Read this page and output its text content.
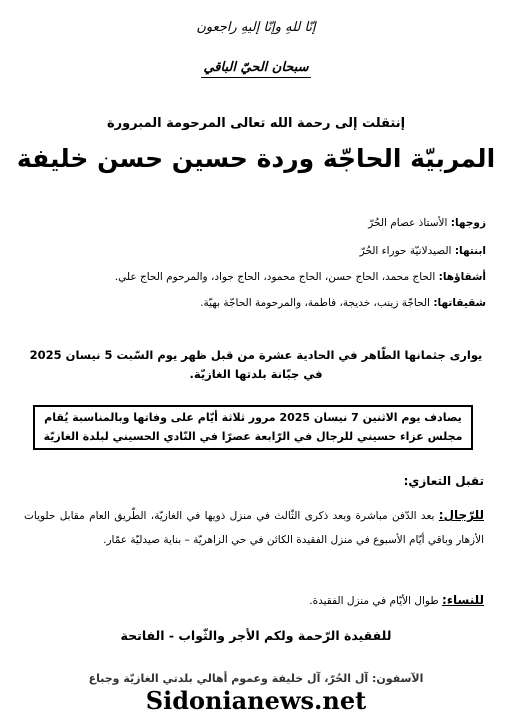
إنّا للهِ وإنّا إليهِ راجعون
سبحان الحيّ الباقي
إنتقلت إلى رحمة الله تعالى المرحومة المبرورة
المربيّة الحاجّة وردة حسين حسن خليفة
زوجها: الأستاذ عصام الحُرّ
ابنتها: الصيدلانيّة حوراء الحُرّ
أشقاؤها: الحاج محمد، الحاج حسن، الحاج محمود، الحاج جواد، والمرحوم الحاج علي.
شقيقاتها: الحاجّة زينب، خديجة، فاطمة، والمرحومة الحاجّة بهيّة.
يوارى جثمانها الطّاهر في الحادية عشرة من قبل ظهر يوم السّبت 5 نيسان 2025
في جبّانة بلدتها الغازيّة.
يصادف يوم الاثنين 7 نيسان 2025 مرور ثلاثة أيّام على وفاتها وبالمناسبة يُقام
مجلس عزاء حسيني للرجال في الرّابعة عصرًا في النّادي الحسيني لبلدة الغازيّة
تقبل التعازي:
للرّجال: بعد الدّفن مباشرة وبعد ذكرى الثّالث في منزل ذويها في الغازيّة، الطّريق العام مقابل حلويات الأزهار وباقي أيّام الأسبوع في منزل الفقيدة الكائن في حي الزاهريّة – بناية صيدليّة عمّار.
للنساء: طوال الأيّام في منزل الفقيدة.
للفقيدة الرّحمة ولكم الأجر والثّواب - الفاتحة
الآسفون: آل الحُرّ، آل خليفة وعموم أهالي بلدتي الغازيّة وجباع
Sidonianews.net
